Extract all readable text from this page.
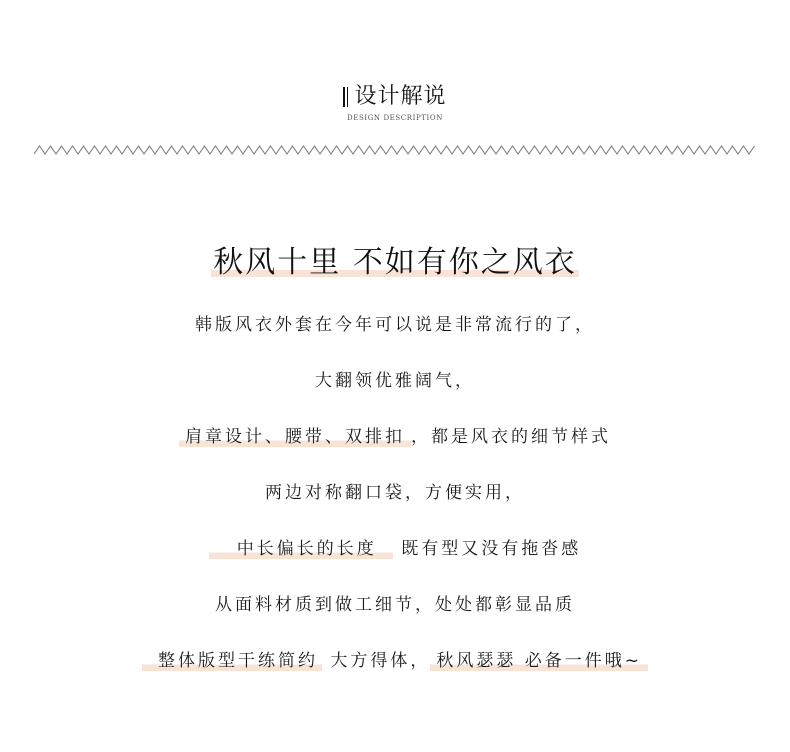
设计解说
DESIGN DESCRIPTION
秋风十里 不如有你之风衣
韩版风衣外套在今年可以说是非常流行的了，
大翻领优雅阔气，
肩章设计、腰带、双排扣 ，都是风衣的细节样式
两边对称翻口袋，方便实用，
中长偏长的长度 既有型又没有拖沓感
从面料材质到做工细节，处处都彰显品质
整体版型干练简约 大方得体， 秋风瑟瑟 必备一件哦~
